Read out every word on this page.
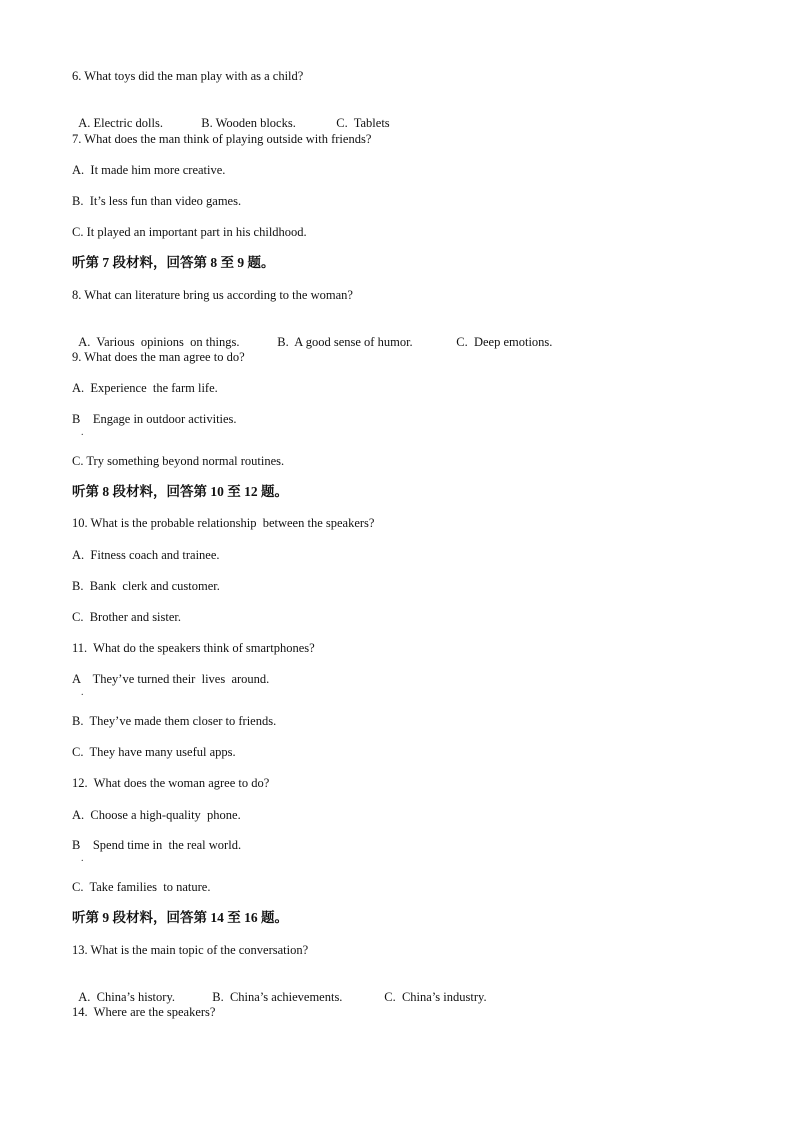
6. What toys did the man play with as a child?

A. Electric dolls.	B. Wooden blocks.	C.  Tablets

7. What does the man think of playing outside with friends?
A.  It made him more creative.
B.  It’s less fun than video games.
C. It played an important part in his childhood.
听第 7 段材料，回答第 8 至 9 题。
8. What can literature bring us according to the woman?

A.  Various  opinions  on things.	B.  A good sense of humor.	C.  Deep emotions.

9. What does the man agree to do?
A.  Experience  the farm life.
B    Engage in outdoor activities.
.
C. Try something beyond normal routines.
听第 8 段材料，回答第 10 至 12 题。
10. What is the probable relationship  between the speakers?
A.  Fitness coach and trainee.
B.  Bank  clerk and customer.
C.  Brother and sister.
11.  What do the speakers think of smartphones?
A    They’ve turned their  lives  around.
.
B.  They’ve made them closer to friends.
C.  They have many useful apps.
12.  What does the woman agree to do?
A.  Choose a high-quality  phone.
B    Spend time in  the real world.
.
C.  Take families  to nature.
听第 9 段材料，回答第 14 至 16 题。
13. What is the main topic of the conversation?

A.  China’s history.	B.  China’s achievements.	C.  China’s industry.

14.  Where are the speakers?
